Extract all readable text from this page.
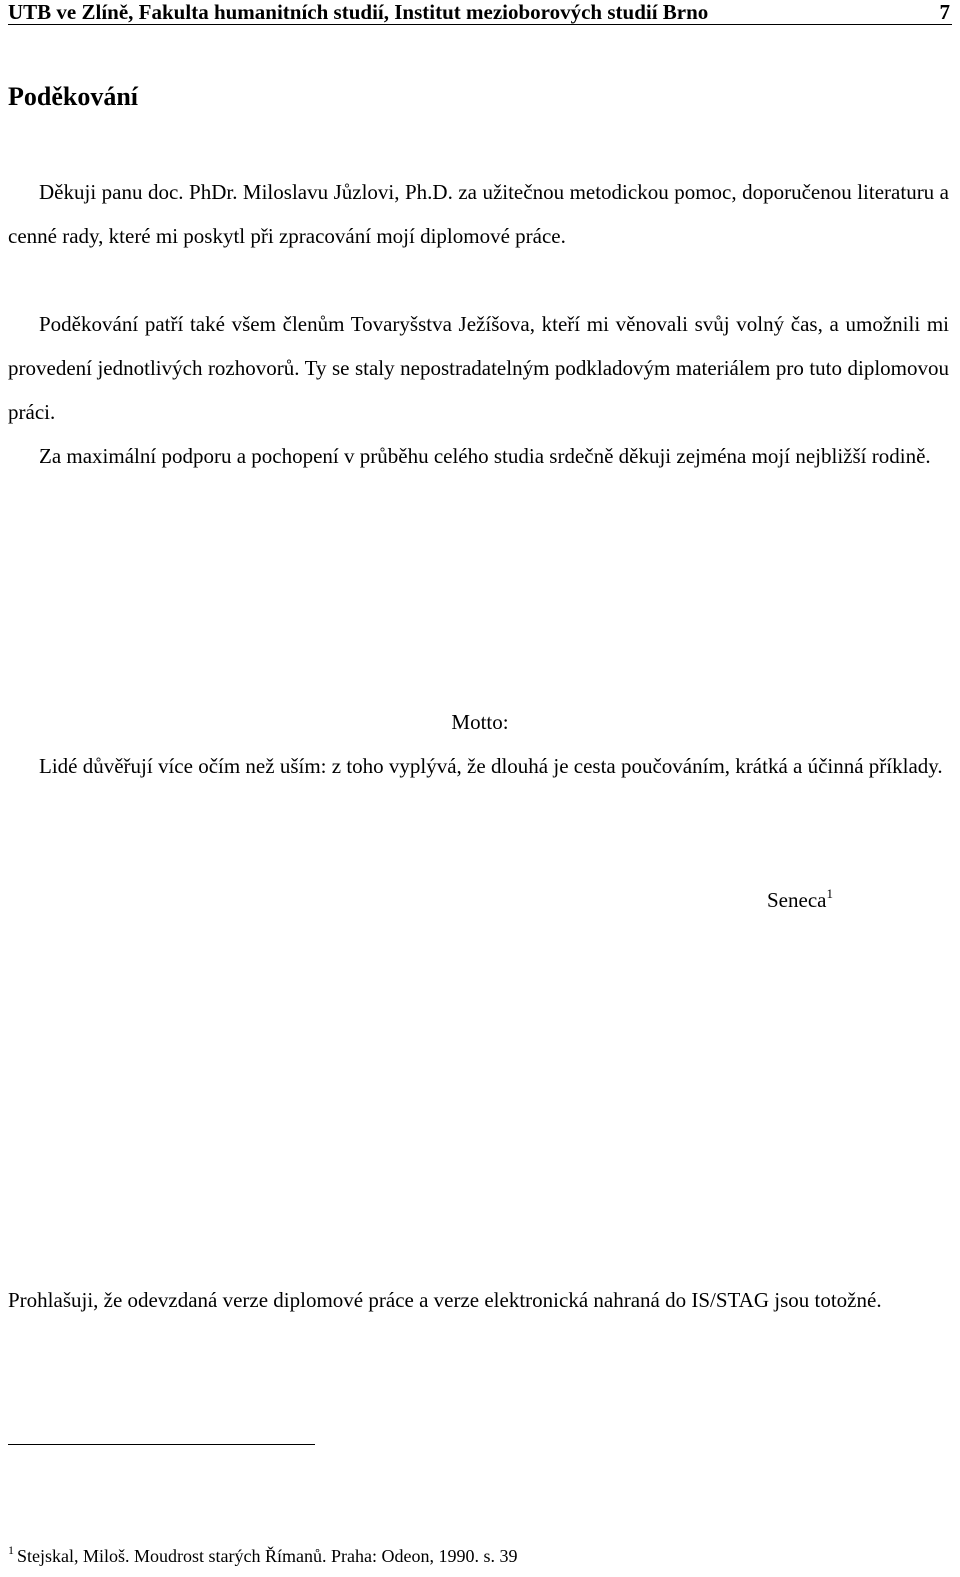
UTB ve Zlíně, Fakulta humanitních studií, Institut mezioborových studií Brno	7
Poděkování

Děkuji panu doc. PhDr. Miloslavu Jůzlovi, Ph.D. za užitečnou metodickou pomoc, doporučenou literaturu a cenné rady, které mi poskytl při zpracování mojí diplomové práce.

Poděkování patří také všem členům Tovaryšstva Ježíšova, kteří mi věnovali svůj volný čas, a umožnili mi provedení jednotlivých rozhovorů. Ty se staly nepostradatelným podkladovým materiálem pro tuto diplomovou práci.

Za maximální podporu a pochopení v průběhu celého studia srdečně děkuji zejména mojí nejbližší rodině.

Motto:

Lidé důvěřují více očím než uším: z toho vyplývá, že dlouhá je cesta poučováním, krátká a účinná příklady.

Seneca$^1$

Prohlašuji, že odevzdaná verze diplomové práce a verze elektronická nahraná do IS/STAG jsou totožné.

$^1$ Stejskal, Miloš. Moudrost starých Římanů. Praha: Odeon, 1990. s. 39
